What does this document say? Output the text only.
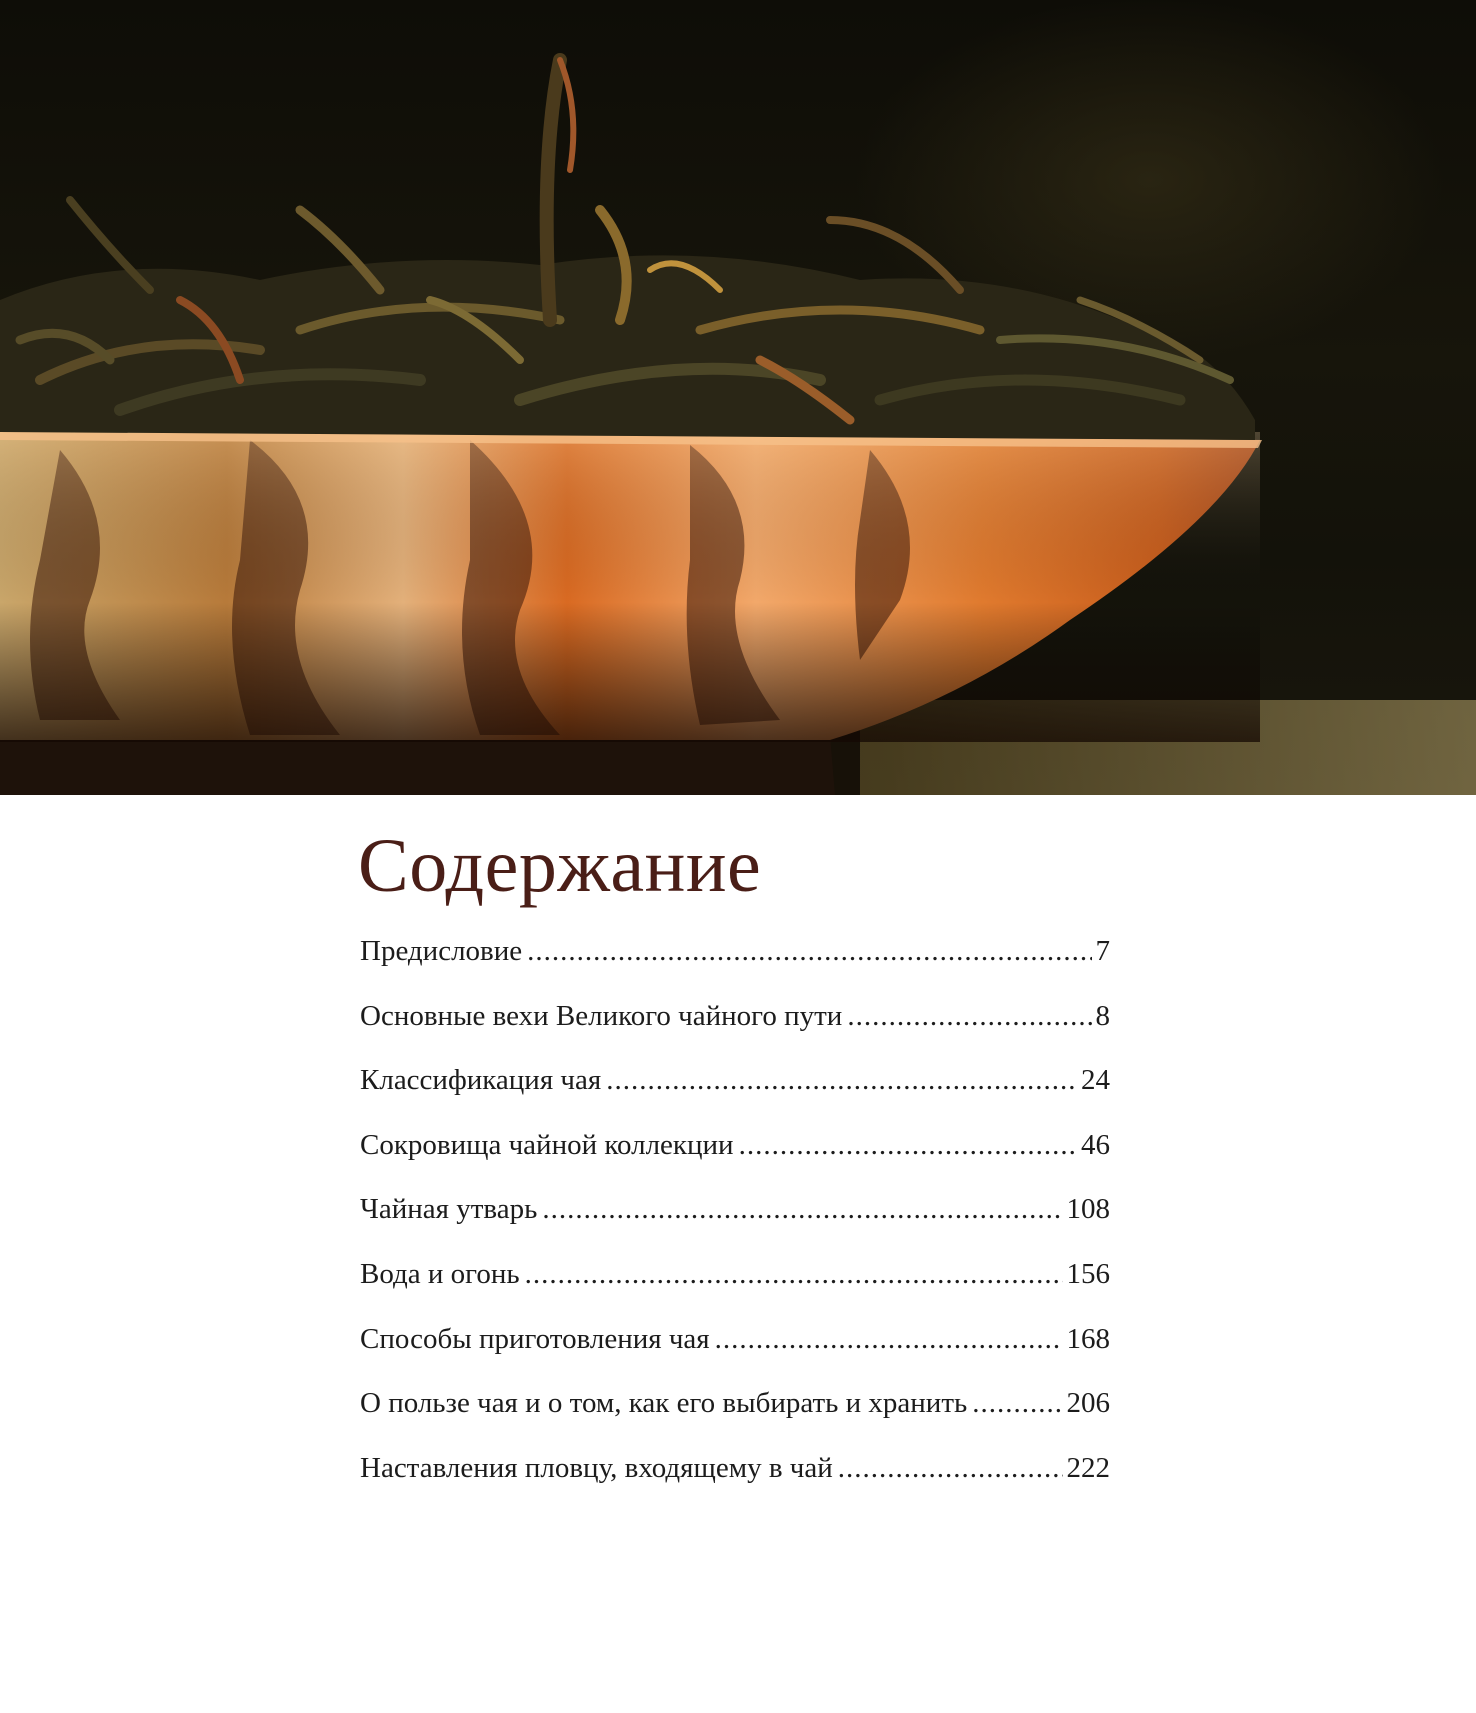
Содержание
Предисловие .....	7
Основные вехи Великого чайного пути .....	8
Классификация чая .....	24
Сокровища чайной коллекции .....	46
Чайная утварь .....	108
Вода и огонь .....	156
Способы приготовления чая .....	168
О пользе чая и о том, как его выбирать и хранить .....	206
Наставления пловцу, входящему в чай .....	222
